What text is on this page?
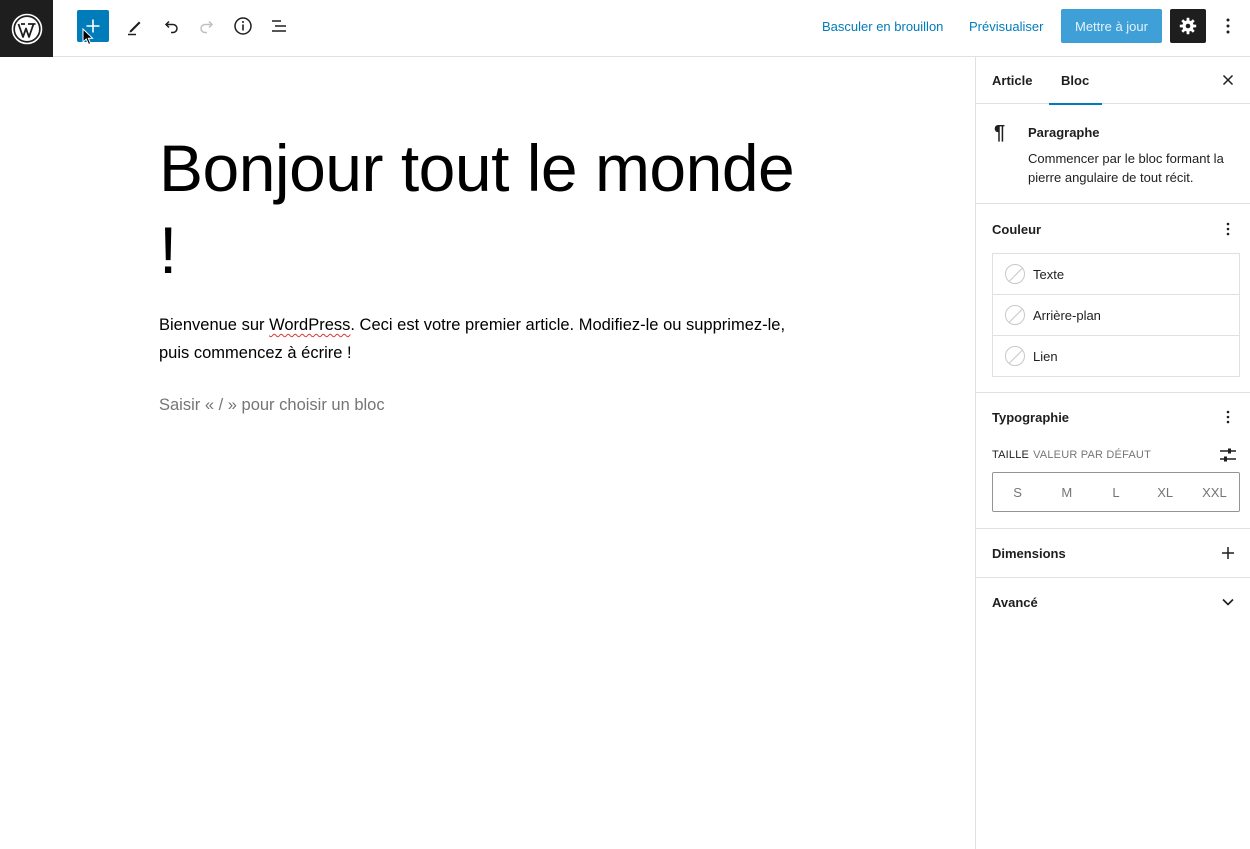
Basculer en brouillon Prévisualiser	Mettre à jour
Bonjour tout le monde !

Bienvenue sur WordPress. Ceci est votre premier article. Modifiez-le ou supprimez-le, puis commencez à écrire !

Saisir « / » pour choisir un bloc
Article Bloc
¶ Paragraphe
Commencer par le bloc formant la pierre angulaire de tout récit.
Couleur
Texte
Arrière-plan
Lien
Typographie
TAILLE VALEUR PAR DÉFAUT
S	M	L	XL	XXL
Dimensions
Avancé
